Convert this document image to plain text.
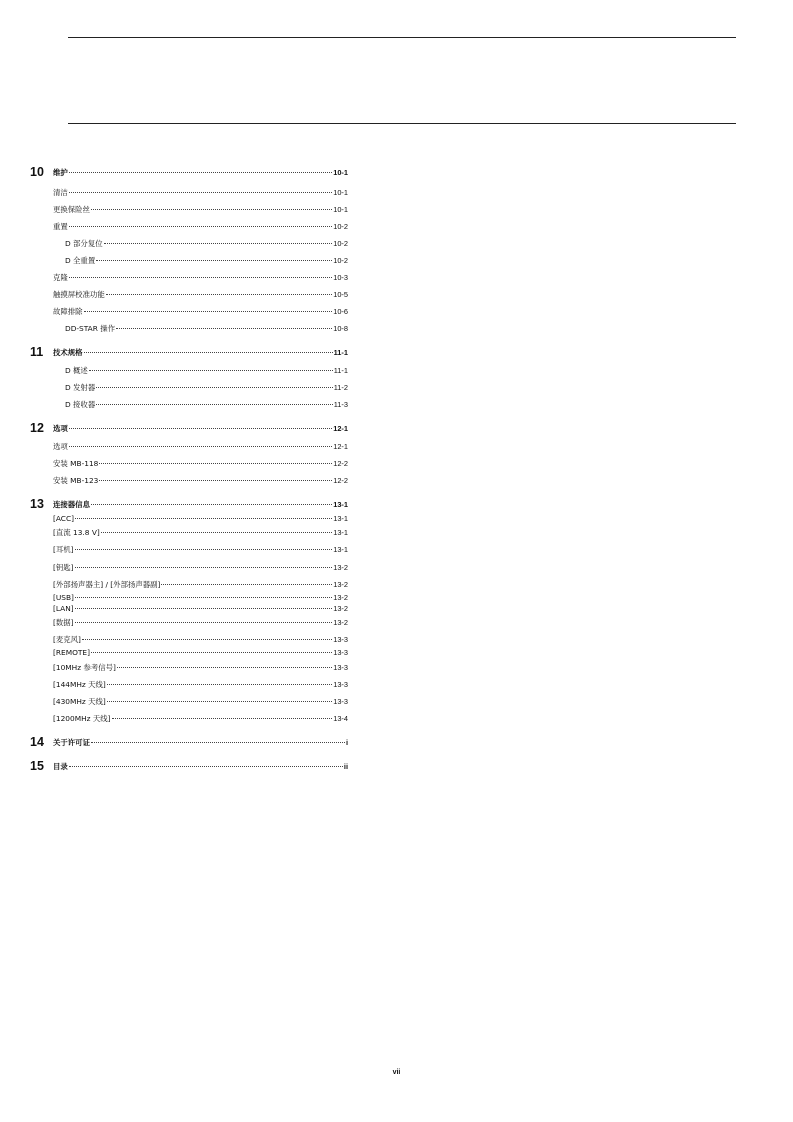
10	维护	10-1
清洁	10-1
更换保险丝	10-1
重置	10-2
D 部分复位	10-2
D 全重置	10-2
克隆	10-3
触摸屏校准功能	10-5
故障排除	10-6
DD-STAR 操作	10-8
11	技术规格	11-1
D 概述	11-1
D 发射器	11-2
D 接收器	11-3
12	选项	12-1
选项	12-1
安装 MB-118	12-2
安装 MB-123	12-2
13	连接器信息	13-1
[ACC]	13-1
[直流 13.8 V]	13-1
[耳机]	13-1
[钥匙]	13-2
[外部扬声器主] / [外部扬声器副]	13-2
[USB]	13-2
[LAN]	13-2
[数据]	13-2
[麦克风]	13-3
[REMOTE]	13-3
[10MHz 参考信号]	13-3
[144MHz 天线]	13-3
[430MHz 天线]	13-3
[1200MHz 天线]	13-4
14	关于许可证	i
15	目录	ii
vii
